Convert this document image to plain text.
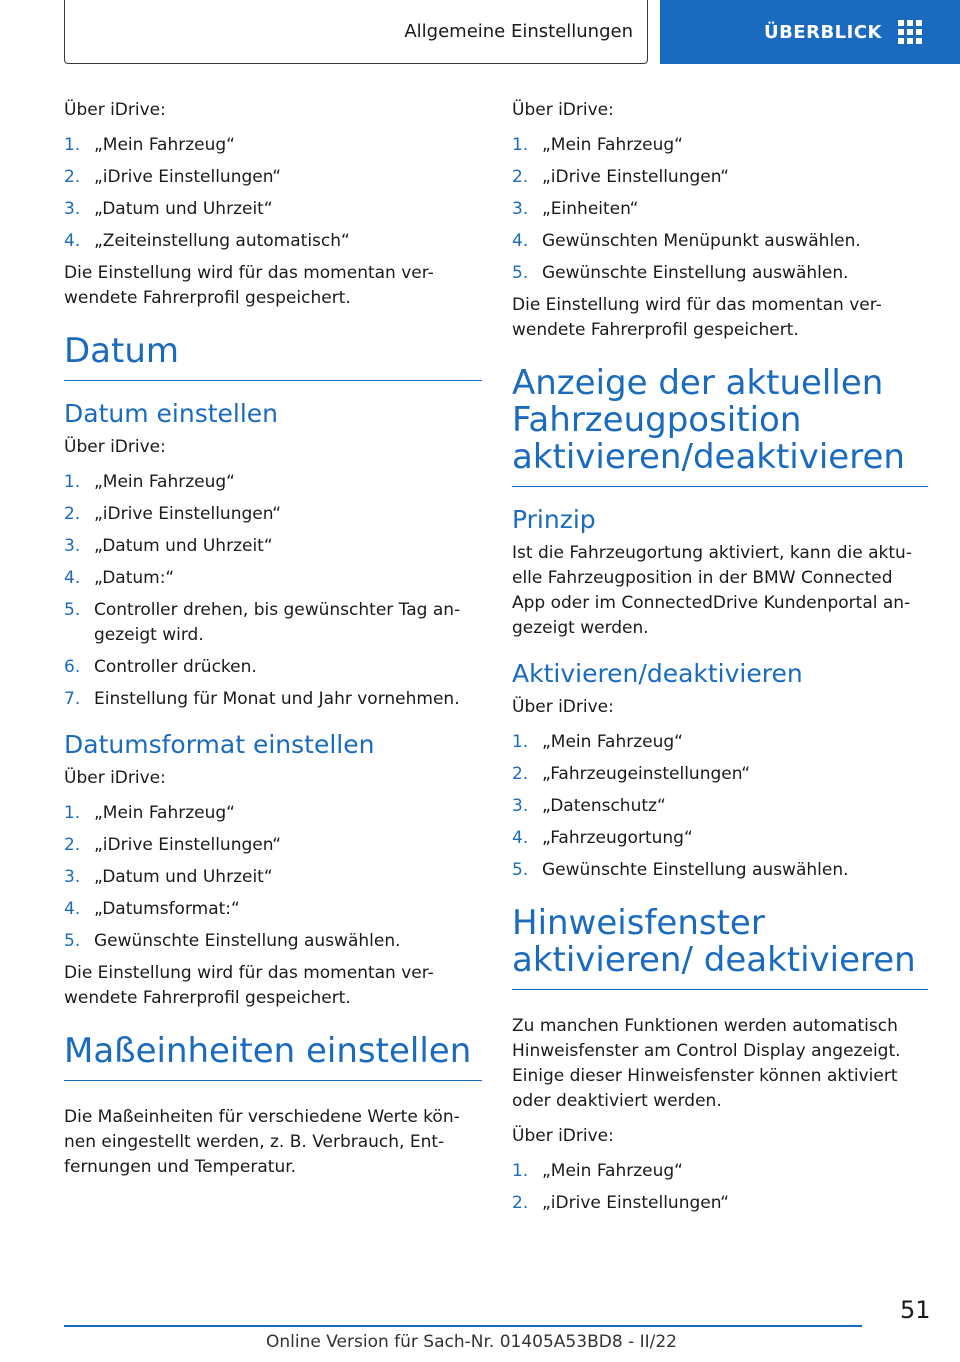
Allgemeine Einstellungen	ÜBERBLICK

Über iDrive:

1. „Mein Fahrzeug“
2. „iDrive Einstellungen“
3. „Datum und Uhrzeit“
4. „Zeiteinstellung automatisch“

Die Einstellung wird für das momentan ver-wendete Fahrerprofil gespeichert.

Datum
Datum einstellen

Über iDrive:

1. „Mein Fahrzeug“
2. „iDrive Einstellungen“
3. „Datum und Uhrzeit“
4. „Datum:“
5. Controller drehen, bis gewünschter Tag an-gezeigt wird.
6. Controller drücken.
7. Einstellung für Monat und Jahr vornehmen.
Datumsformat einstellen

Über iDrive:

1. „Mein Fahrzeug“
2. „iDrive Einstellungen“
3. „Datum und Uhrzeit“
4. „Datumsformat:“
5. Gewünschte Einstellung auswählen.

Die Einstellung wird für das momentan ver-wendete Fahrerprofil gespeichert.

Maßeinheiten einstellen

Die Maßeinheiten für verschiedene Werte kön-nen eingestellt werden, z. B. Verbrauch, Ent-fernungen und Temperatur.

Über iDrive:

1. „Mein Fahrzeug“
2. „iDrive Einstellungen“
3. „Einheiten“
4. Gewünschten Menüpunkt auswählen.
5. Gewünschte Einstellung auswählen.

Die Einstellung wird für das momentan ver-wendete Fahrerprofil gespeichert.

Anzeige der aktuellen Fahrzeugposition aktivieren/deaktivieren
Prinzip

Ist die Fahrzeugortung aktiviert, kann die aktu-elle Fahrzeugposition in der BMW Connected App oder im ConnectedDrive Kundenportal an-gezeigt werden.

Aktivieren/deaktivieren

Über iDrive:

1. „Mein Fahrzeug“
2. „Fahrzeugeinstellungen“
3. „Datenschutz“
4. „Fahrzeugortung“
5. Gewünschte Einstellung auswählen.
Hinweisfenster aktivieren/ deaktivieren

Zu manchen Funktionen werden automatisch Hinweisfenster am Control Display angezeigt. Einige dieser Hinweisfenster können aktiviert oder deaktiviert werden.

Über iDrive:

1. „Mein Fahrzeug“
2. „iDrive Einstellungen“
51
Online Version für Sach-Nr. 01405A53BD8 - II/22
